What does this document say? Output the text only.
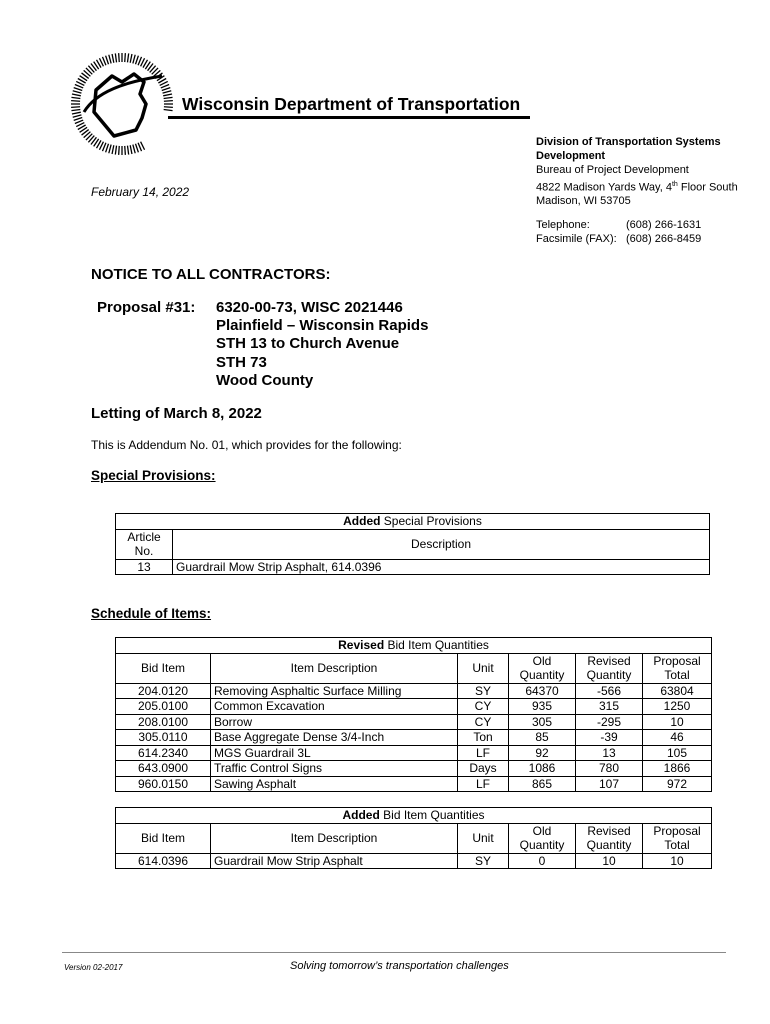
Wisconsin Department of Transportation
February 14, 2022
Division of Transportation Systems
Development
Bureau of Project Development
4822 Madison Yards Way, 4th Floor South
Madison, WI 53705
Telephone:	(608) 266-1631
Facsimile (FAX): (608) 266-8459
NOTICE TO ALL CONTRACTORS:
Proposal #31: 6320-00-73, WISC 2021446
Plainfield – Wisconsin Rapids
STH 13 to Church Avenue
STH 73
Wood County
Letting of March 8, 2022
This is Addendum No. 01, which provides for the following:
Special Provisions:
Added Special Provisions	
Article No.	Description
13	Guardrail Mow Strip Asphalt, 614.0396
Schedule of Items:
Revised Bid Item Quantities					
Bid Item	Item Description	Unit	Old Quantity	Revised Quantity	Proposal Total
204.0120	Removing Asphaltic Surface Milling	SY	64370	-566	63804
205.0100	Common Excavation	CY	935	315	1250
208.0100	Borrow	CY	305	-295	10
305.0110	Base Aggregate Dense 3/4-Inch	Ton	85	-39	46
614.2340	MGS Guardrail 3L	LF	92	13	105
643.0900	Traffic Control Signs	Days	1086	780	1866
960.0150	Sawing Asphalt	LF	865	107	972
Added Bid Item Quantities					
Bid Item	Item Description	Unit	Old Quantity	Revised Quantity	Proposal Total
614.0396	Guardrail Mow Strip Asphalt	SY	0	10	10
Version 02-2017	Solving tomorrow’s transportation challenges
